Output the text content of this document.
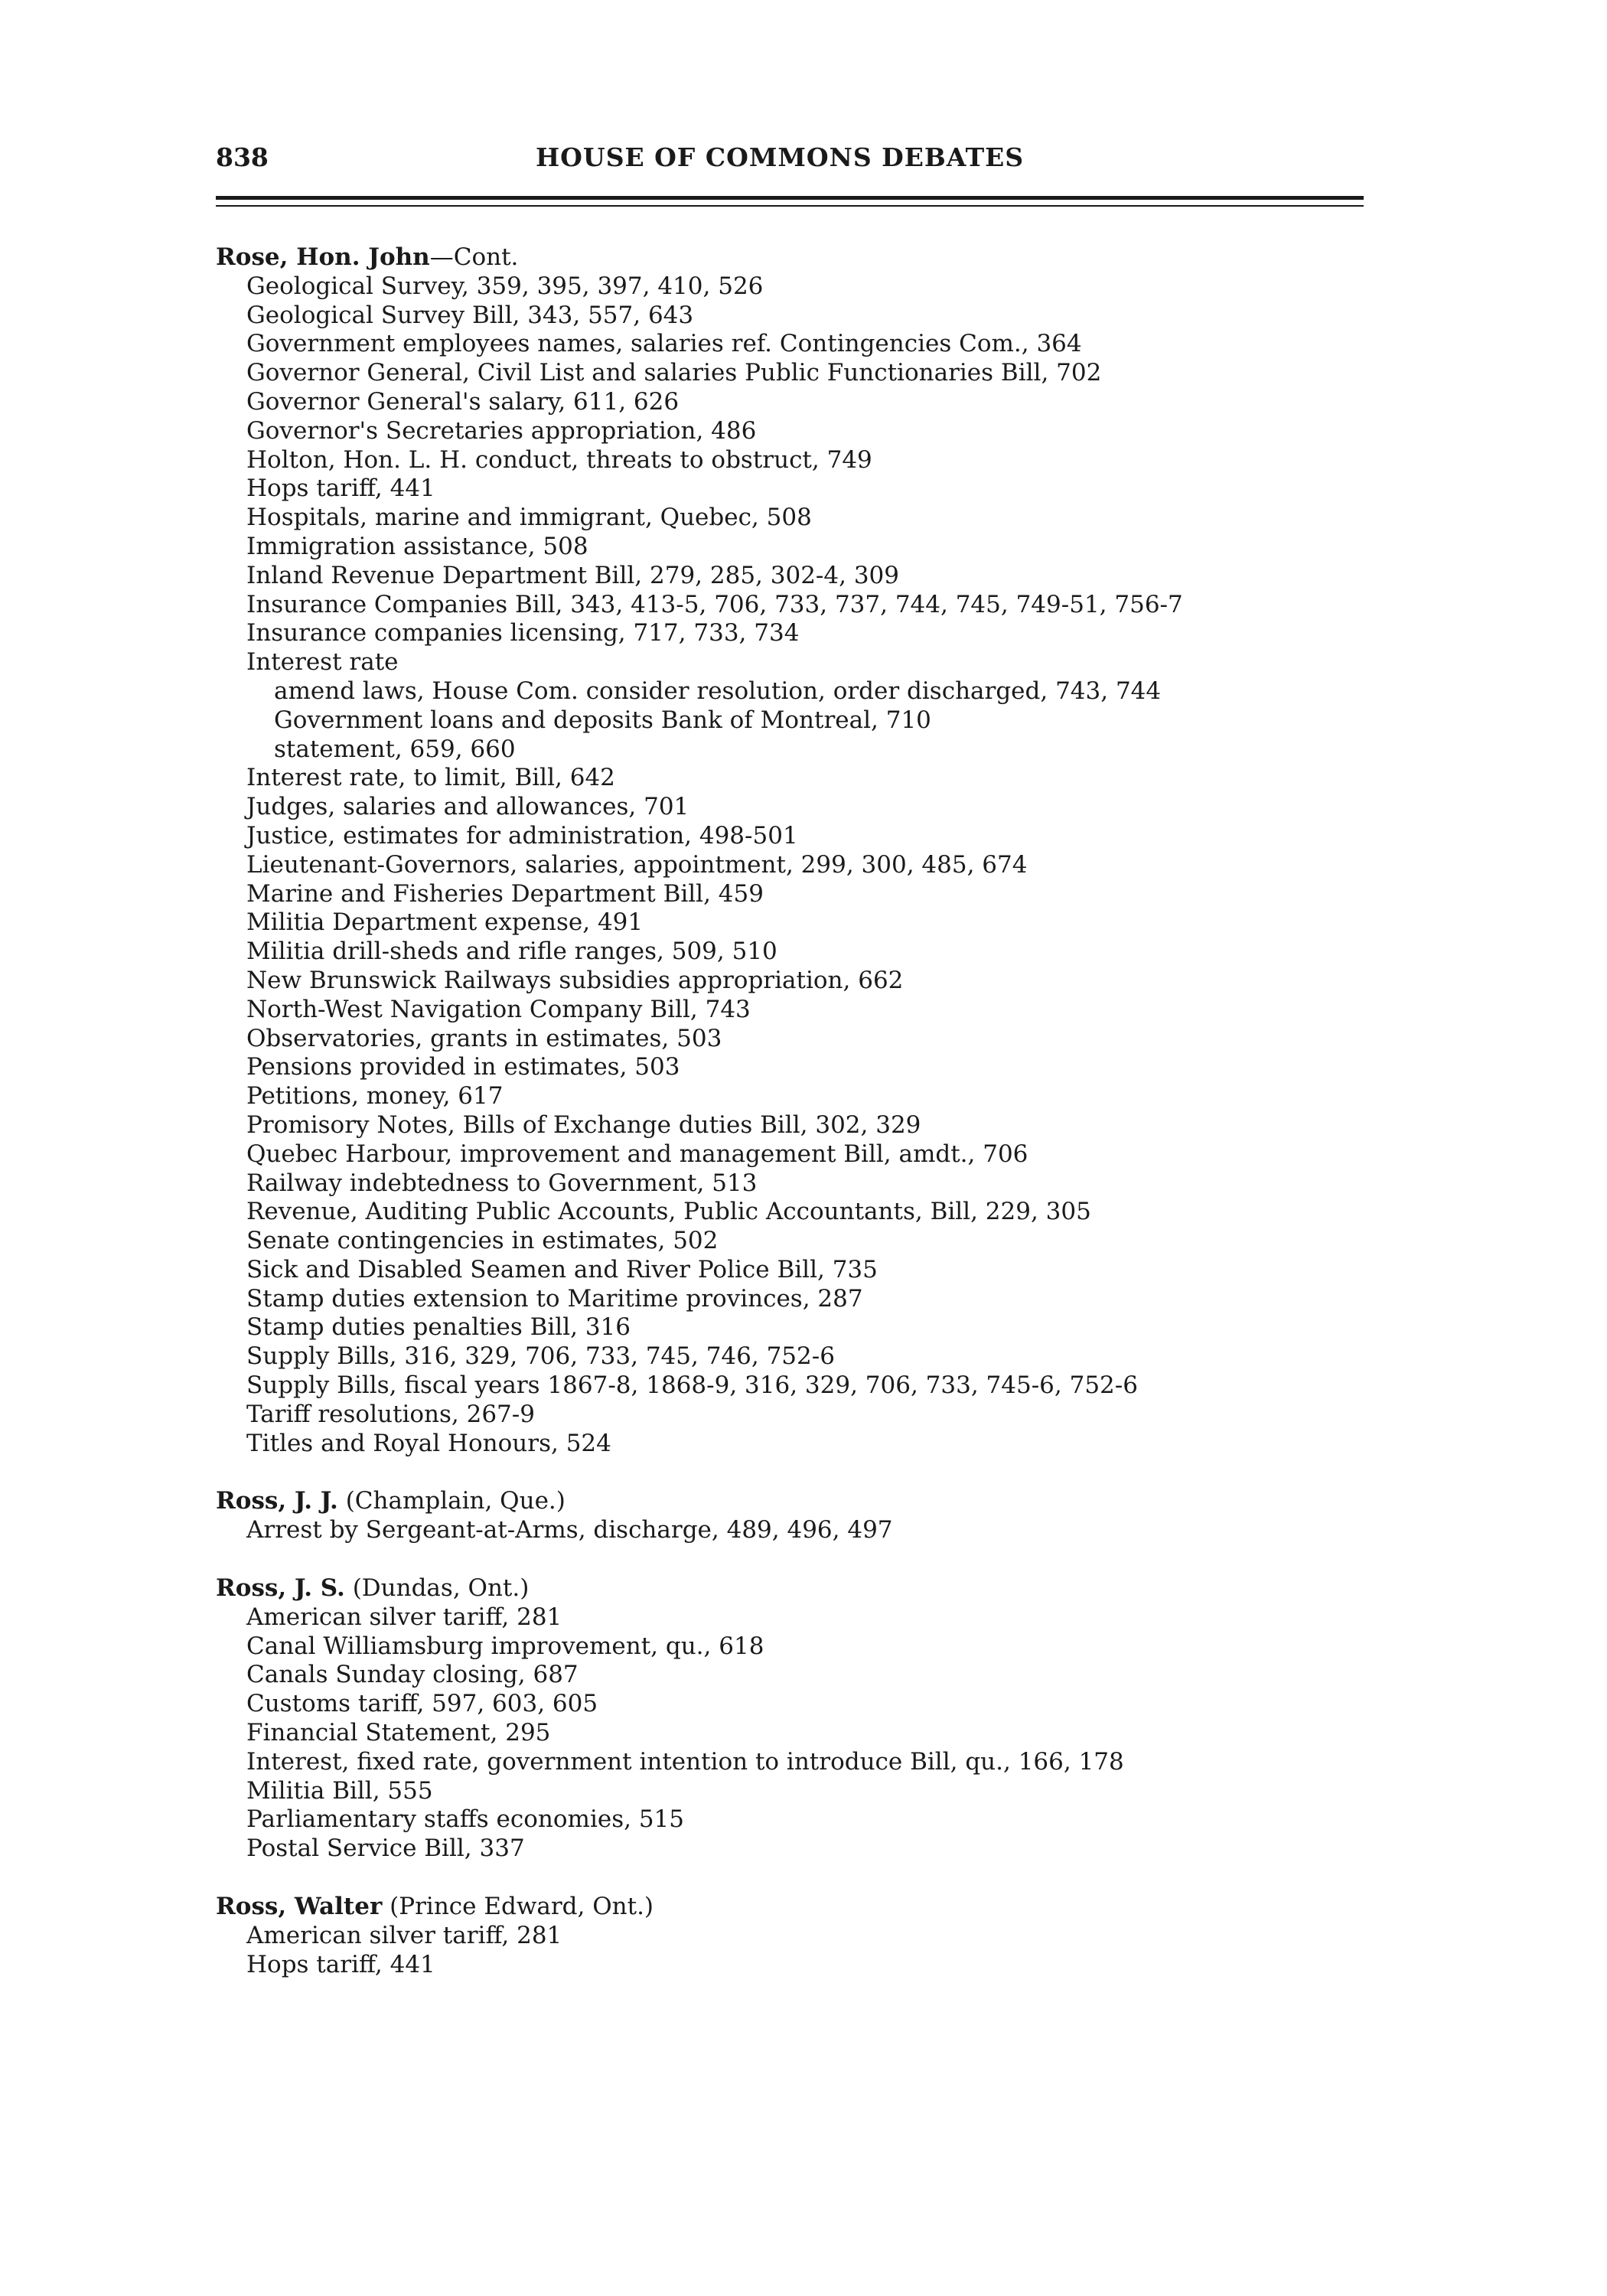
838	HOUSE OF COMMONS DEBATES
Rose, Hon. John—Cont.
Geological Survey, 359, 395, 397, 410, 526
Geological Survey Bill, 343, 557, 643
Government employees names, salaries ref. Contingencies Com., 364
Governor General, Civil List and salaries Public Functionaries Bill, 702
Governor General's salary, 611, 626
Governor's Secretaries appropriation, 486
Holton, Hon. L. H. conduct, threats to obstruct, 749
Hops tariff, 441
Hospitals, marine and immigrant, Quebec, 508
Immigration assistance, 508
Inland Revenue Department Bill, 279, 285, 302-4, 309
Insurance Companies Bill, 343, 413-5, 706, 733, 737, 744, 745, 749-51, 756-7
Insurance companies licensing, 717, 733, 734
Interest rate
amend laws, House Com. consider resolution, order discharged, 743, 744
Government loans and deposits Bank of Montreal, 710
statement, 659, 660
Interest rate, to limit, Bill, 642
Judges, salaries and allowances, 701
Justice, estimates for administration, 498-501
Lieutenant-Governors, salaries, appointment, 299, 300, 485, 674
Marine and Fisheries Department Bill, 459
Militia Department expense, 491
Militia drill-sheds and rifle ranges, 509, 510
New Brunswick Railways subsidies appropriation, 662
North-West Navigation Company Bill, 743
Observatories, grants in estimates, 503
Pensions provided in estimates, 503
Petitions, money, 617
Promisory Notes, Bills of Exchange duties Bill, 302, 329
Quebec Harbour, improvement and management Bill, amdt., 706
Railway indebtedness to Government, 513
Revenue, Auditing Public Accounts, Public Accountants, Bill, 229, 305
Senate contingencies in estimates, 502
Sick and Disabled Seamen and River Police Bill, 735
Stamp duties extension to Maritime provinces, 287
Stamp duties penalties Bill, 316
Supply Bills, 316, 329, 706, 733, 745, 746, 752-6
Supply Bills, fiscal years 1867-8, 1868-9, 316, 329, 706, 733, 745-6, 752-6
Tariff resolutions, 267-9
Titles and Royal Honours, 524
Ross, J. J. (Champlain, Que.)
Arrest by Sergeant-at-Arms, discharge, 489, 496, 497
Ross, J. S. (Dundas, Ont.)
American silver tariff, 281
Canal Williamsburg improvement, qu., 618
Canals Sunday closing, 687
Customs tariff, 597, 603, 605
Financial Statement, 295
Interest, fixed rate, government intention to introduce Bill, qu., 166, 178
Militia Bill, 555
Parliamentary staffs economies, 515
Postal Service Bill, 337
Ross, Walter (Prince Edward, Ont.)
American silver tariff, 281
Hops tariff, 441
